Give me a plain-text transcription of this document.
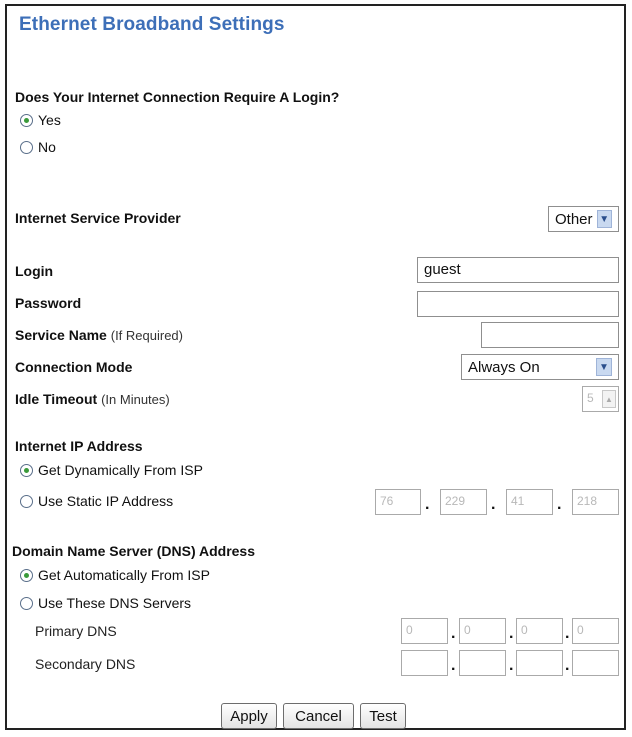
Ethernet Broadband Settings
Does Your Internet Connection Require A Login?
Yes
No
Internet Service Provider	Other ▼
Login	guest
Password
Service Name (If Required)
Connection Mode	Always On	▼
Idle Timeout (In Minutes)	5	▲
Internet IP Address
Get Dynamically From ISP
Use Static IP Address	76	.	229	.	41	.	218
Domain Name Server (DNS) Address
Get Automatically From ISP
Use These DNS Servers
Primary DNS	0	. 0	. 0	. 0
Secondary DNS	.	.	.
Apply	Cancel	Test
